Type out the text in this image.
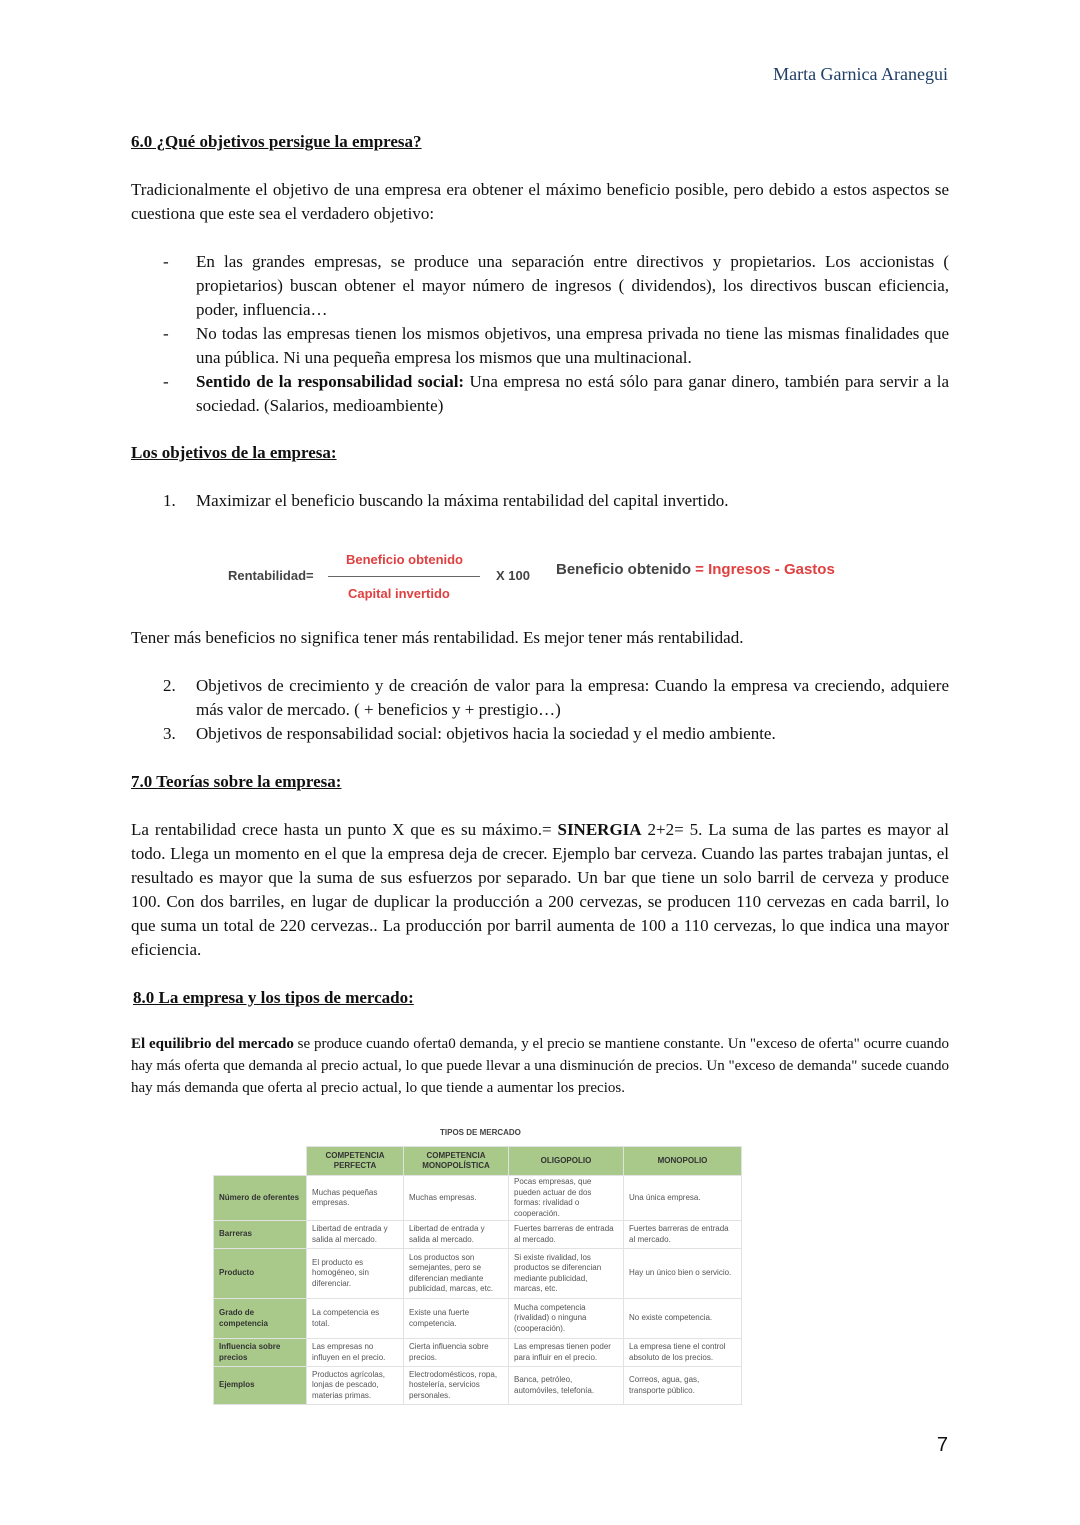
Marta Garnica Aranegui

6.0 ¿Qué objetivos persigue la empresa?

Tradicionalmente el objetivo de una empresa era obtener el máximo beneficio posible, pero debido a estos aspectos se cuestiona que este sea el verdadero objetivo:

- En las grandes empresas, se produce una separación entre directivos y propietarios. Los accionistas ( propietarios) buscan obtener el mayor número de ingresos ( dividendos), los directivos buscan eficiencia, poder, influencia…
- No todas las empresas tienen los mismos objetivos, una empresa privada no tiene las mismas finalidades que una pública. Ni una pequeña empresa los mismos que una multinacional.
- Sentido de la responsabilidad social: Una empresa no está sólo para ganar dinero, también para servir a la sociedad. (Salarios, medioambiente)

Los objetivos de la empresa:

1. Maximizar el beneficio buscando la máxima rentabilidad del capital invertido.
Rentabilidad=
Beneficio obtenido
Capital invertido
X 100 Beneficio obtenido = Ingresos - Gastos

Tener más beneficios no significa tener más rentabilidad. Es mejor tener más rentabilidad.

2. Objetivos de crecimiento y de creación de valor para la empresa: Cuando la empresa va creciendo, adquiere más valor de mercado. ( + beneficios y + prestigio…)
3. Objetivos de responsabilidad social: objetivos hacia la sociedad y el medio ambiente.

7.0 Teorías sobre la empresa:

La rentabilidad crece hasta un punto X que es su máximo.= SINERGIA 2+2= 5. La suma de las partes es mayor al todo. Llega un momento en el que la empresa deja de crecer. Ejemplo bar cerveza. Cuando las partes trabajan juntas, el resultado es mayor que la suma de sus esfuerzos por separado. Un bar que tiene un solo barril de cerveza y produce 100. Con dos barriles, en lugar de duplicar la producción a 200 cervezas, se producen 110 cervezas en cada barril, lo que suma un total de 220 cervezas.. La producción por barril aumenta de 100 a 110 cervezas, lo que indica una mayor eficiencia.

8.0 La empresa y los tipos de mercado:

El equilibrio del mercado se produce cuando oferta0 demanda, y el precio se mantiene constante. Un "exceso de oferta" ocurre cuando hay más oferta que demanda al precio actual, lo que puede llevar a una disminución de precios. Un "exceso de demanda" sucede cuando hay más demanda que oferta al precio actual, lo que tiende a aumentar los precios.

TIPOS DE MERCADO
	COMPETENCIA PERFECTA	COMPETENCIA MONOPOLÍSTICA	OLIGOPOLIO	MONOPOLIO
Número de oferentes	Muchas pequeñas empresas.	Muchas empresas.	Pocas empresas, que pueden actuar de dos formas: rivalidad o cooperación.	Una única empresa.
Barreras	Libertad de entrada y salida al mercado.	Libertad de entrada y salida al mercado.	Fuertes barreras de entrada al mercado.	Fuertes barreras de entrada al mercado.
Producto	El producto es homogéneo, sin diferenciar.	Los productos son semejantes, pero se diferencian mediante publicidad, marcas, etc.	Si existe rivalidad, los productos se diferencian mediante publicidad, marcas, etc.	Hay un único bien o servicio.
Grado de competencia	La competencia es total.	Existe una fuerte competencia.	Mucha competencia (rivalidad) o ninguna (cooperación).	No existe competencia.
Influencia sobre precios	Las empresas no influyen en el precio.	Cierta influencia sobre precios.	Las empresas tienen poder para influir en el precio.	La empresa tiene el control absoluto de los precios.
Ejemplos	Productos agrícolas, lonjas de pescado, materias primas.	Electrodomésticos, ropa, hostelería, servicios personales.	Banca, petróleo, automóviles, telefonía.	Correos, agua, gas, transporte público.
7
